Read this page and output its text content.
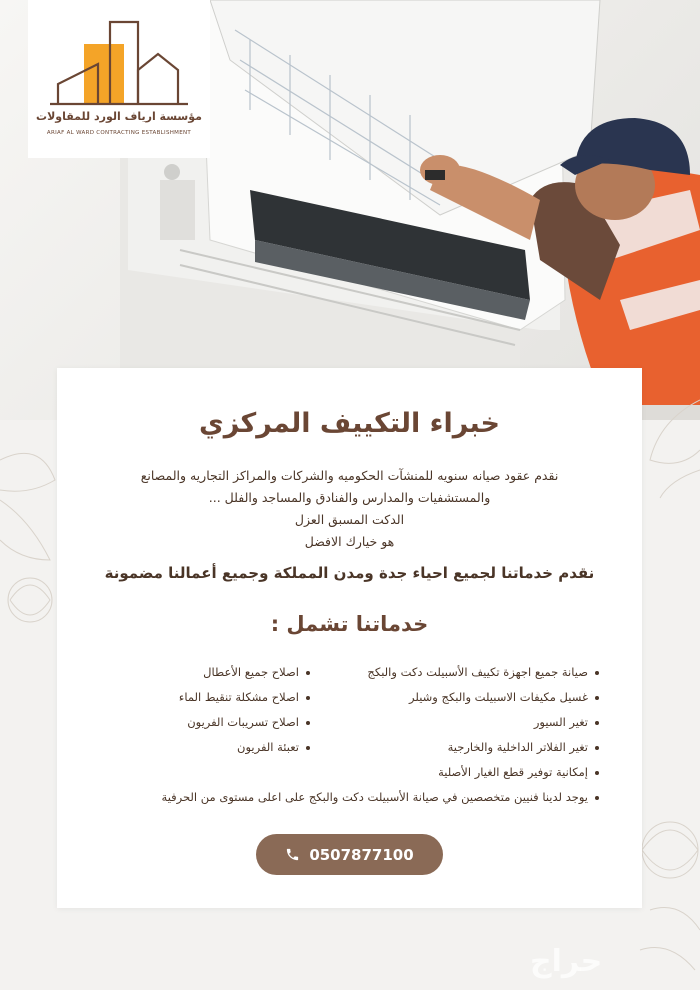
مؤسسة ارياف الورد للمقاولات
ARIAF AL WARD CONTRACTING ESTABLISHMENT
خبراء التكييف المركزي
نقدم عقود صيانه سنويه للمنشآت الحكوميه والشركات والمراكز التجاريه والمصانع
والمستشفيات والمدارس والفنادق والمساجد والفلل ...
الدكت المسبق العزل
هو خيارك الافضل
نقدم خدماتنا لجميع احياء جدة ومدن المملكة وجميع أعمالنا مضمونة
خدماتنا تشمل :
صيانة جميع اجهزة تكييف الأسبيلت دكت والبكج
غسيل مكيفات الاسبيلت والبكج وشيلر
تغير السيور
تغير الفلاتر الداخلية والخارجية
إمكانية توفير قطع الغيار الأصلية
يوجد لدينا فنيين متخصصين في صيانة الأسبيلت دكت والبكج على اعلى مستوى من الحرفية
اصلاح جميع الأعطال
اصلاح مشكلة تنقيط الماء
اصلاح تسريبات الفريون
تعبئة الفريون
0507877100
حراج
